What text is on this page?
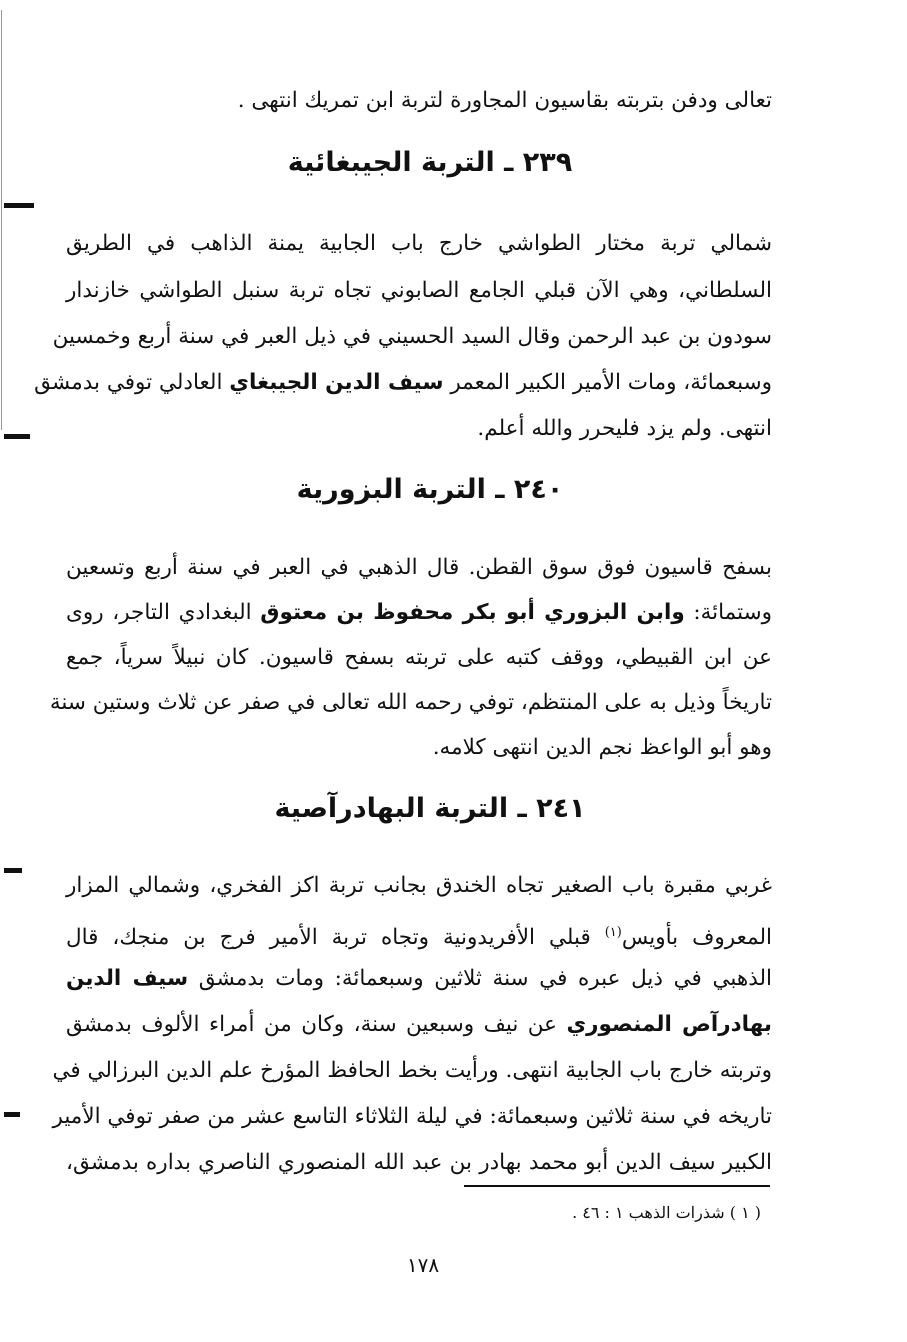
تعالى ودفن بتربته بقاسيون المجاورة لتربة ابن تمريك انتهى .
٢٣٩ ـ التربة الجيبغائية
شمالي تربة مختار الطواشي خارج باب الجابية يمنة الذاهب في الطريق
السلطاني، وهي الآن قبلي الجامع الصابوني تجاه تربة سنبل الطواشي خازندار
سودون بن عبد الرحمن وقال السيد الحسيني في ذيل العبر في سنة أربع وخمسين
وسبعمائة، ومات الأمير الكبير المعمر سيف الدين الجيبغاي العادلي توفي بدمشق
انتهى. ولم يزد فليحرر والله أعلم.
٢٤٠ ـ التربة البزورية
بسفح قاسيون فوق سوق القطن. قال الذهبي في العبر في سنة أربع وتسعين
وستمائة: وابن البزوري أبو بكر محفوظ بن معتوق البغدادي التاجر، روى
عن ابن القبيطي، ووقف كتبه على تربته بسفح قاسيون. كان نبيلاً سرياً، جمع
تاريخاً وذيل به على المنتظم، توفي رحمه الله تعالى في صفر عن ثلاث وستين سنة
وهو أبو الواعظ نجم الدين انتهى كلامه.
٢٤١ ـ التربة البهادرآصية
غربي مقبرة باب الصغير تجاه الخندق بجانب تربة اكز الفخري، وشمالي المزار
المعروف بأويس$^{(١)}$ قبلي الأفريدونية وتجاه تربة الأمير فرج بن منجك، قال
الذهبي في ذيل عبره في سنة ثلاثين وسبعمائة: ومات بدمشق سيف الدين
بهادرآص المنصوري عن نيف وسبعين سنة، وكان من أمراء الألوف بدمشق
وتربته خارج باب الجابية انتهى. ورأيت بخط الحافظ المؤرخ علم الدين البرزالي في
تاريخه في سنة ثلاثين وسبعمائة: في ليلة الثلاثاء التاسع عشر من صفر توفي الأمير
الكبير سيف الدين أبو محمد بهادر بن عبد الله المنصوري الناصري بداره بدمشق،
( ١ ) شذرات الذهب ١ : ٤٦ .
١٧٨
